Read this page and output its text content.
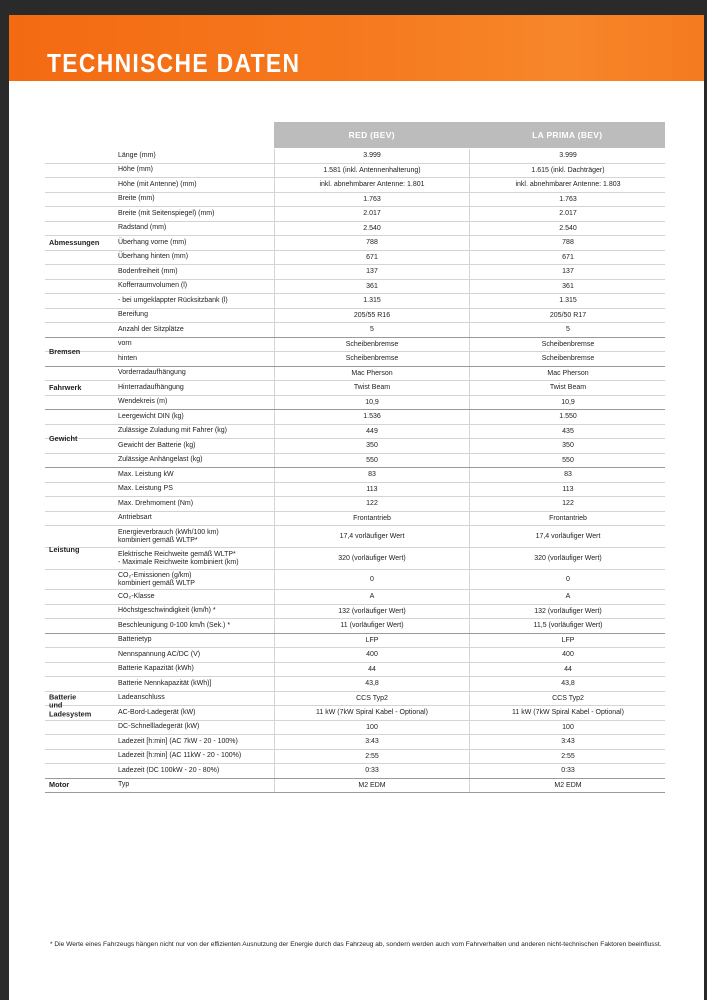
TECHNISCHE DATEN
RED (BEV)	LA PRIMA (BEV)
Länge (mm)	3.999	3.999
Höhe (mm)	1.581 (inkl. Antennenhalterung)	1.615 (inkl. Dachträger)
Höhe (mit Antenne) (mm)	inkl. abnehmbarer Antenne: 1.801	inkl. abnehmbarer Antenne: 1.803
Breite (mm)	1.763	1.763
Breite (mit Seitenspiegel) (mm)	2.017	2.017
Radstand (mm)	2.540	2.540
Überhang vorne (mm)	788	788
Überhang hinten (mm)	671	671
Bodenfreiheit (mm)	137	137
Kofferraumvolumen (l)	361	361
- bei umgeklappter Rücksitzbank (l)	1.315	1.315
Bereifung	205/55 R16	205/50 R17
Anzahl der Sitzplätze	5	5
Abmessungen
vorn	Scheibenbremse	Scheibenbremse
hinten	Scheibenbremse	Scheibenbremse
Bremsen
Vorderradaufhängung	Mac Pherson	Mac Pherson
Hinterradaufhängung	Twist Beam	Twist Beam
Wendekreis (m)	10,9	10,9
Fahrwerk
Leergewicht DIN (kg)	1.536	1.550
Zulässige Zuladung mit Fahrer (kg)	449	435
Gewicht der Batterie (kg)	350	350
Zulässige Anhängelast (kg)	550	550
Gewicht
Max. Leistung kW	83	83
Max. Leistung PS	113	113
Max. Drehmoment (Nm)	122	122
Antriebsart	Frontantrieb	Frontantrieb
Energieverbrauch (kWh/100 km)
kombiniert gemäß WLTP*	17,4 vorläufiger Wert	17,4 vorläufiger Wert
Elektrische Reichweite gemäß WLTP*
- Maximale Reichweite kombiniert (km)	320 (vorläufiger Wert)	320 (vorläufiger Wert)
CO₂-Emissionen (g/km)
kombiniert gemäß WLTP	0	0
CO₂-Klasse	A	A
Höchstgeschwindigkeit (km/h) *	132 (vorläufiger Wert)	132 (vorläufiger Wert)
Beschleunigung 0-100 km/h (Sek.) *	11 (vorläufiger Wert)	11,5 (vorläufiger Wert)
Leistung
Batterietyp	LFP	LFP
Nennspannung AC/DC (V)	400	400
Batterie Kapazität (kWh)	44	44
Batterie Nennkapazität (kWh)]	43,8	43,8
Ladeanschluss	CCS Typ2	CCS Typ2
AC-Bord-Ladegerät (kW)	11 kW (7kW Spiral Kabel - Optional)	11 kW (7kW Spiral Kabel - Optional)
DC-Schnellladegerät (kW)	100	100
Ladezeit [h:min] (AC 7kW - 20 - 100%)	3:43	3:43
Ladezeit [h:min] (AC 11kW - 20 - 100%)	2:55	2:55
Ladezeit (DC 100kW - 20 - 80%)	0:33	0:33
Batterie
und
Ladesystem
Typ	M2 EDM	M2 EDM
Motor
* Die Werte eines Fahrzeugs hängen nicht nur von der effizienten Ausnutzung der Energie durch das Fahrzeug ab, sondern werden auch vom Fahrverhalten und anderen nicht-technischen Faktoren beeinflusst.
